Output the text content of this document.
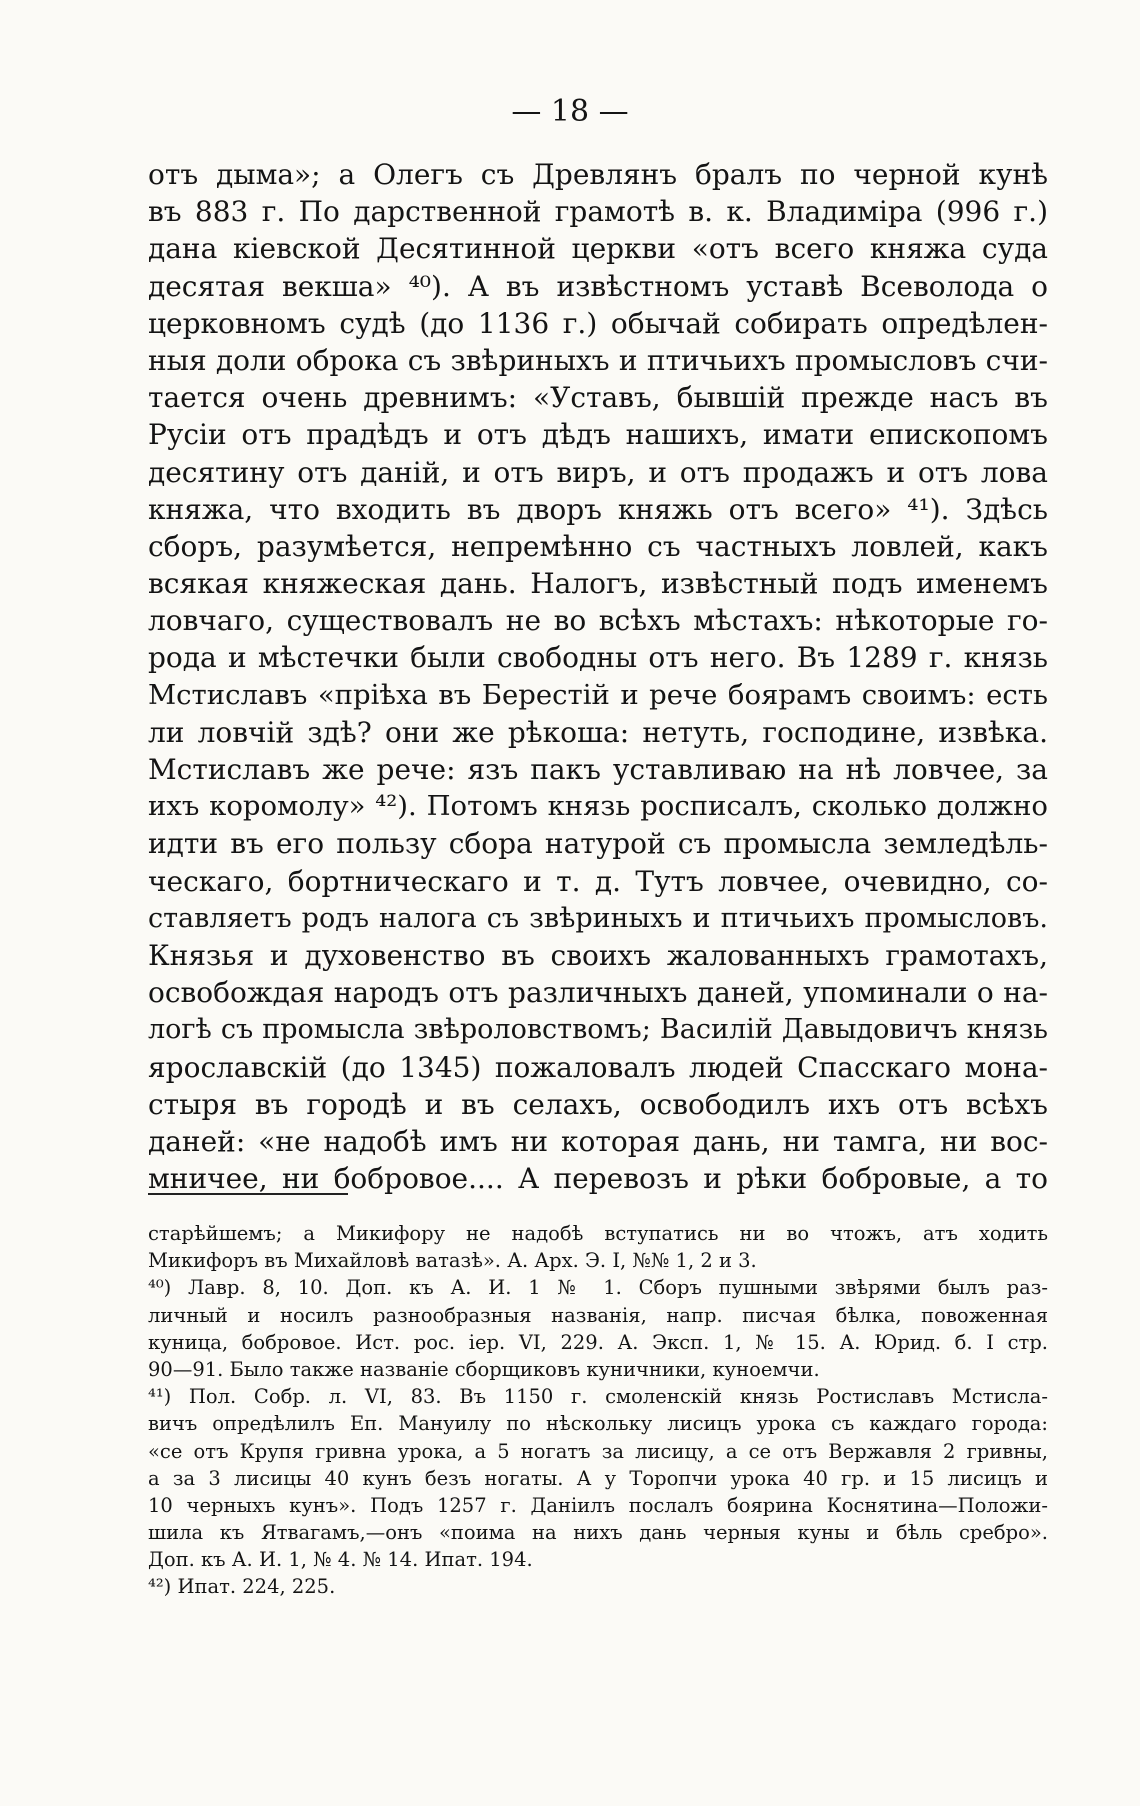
— 18 —
отъ дыма»; а Олегъ съ Древлянъ бралъ по черной кунѣ
въ 883 г. По дарственной грамотѣ в. к. Владиміра (996 г.)
дана кіевской Десятинной церкви «отъ всего княжа суда
десятая векша» ⁴⁰). А въ извѣстномъ уставѣ Всеволода о
церковномъ судѣ (до 1136 г.) обычай собирать опредѣлен-
ныя доли оброка съ звѣриныхъ и птичьихъ промысловъ счи-
тается очень древнимъ: «Уставъ, бывшій прежде насъ въ
Русіи отъ прадѣдъ и отъ дѣдъ нашихъ, имати епископомъ
десятину отъ даній, и отъ виръ, и отъ продажъ и отъ лова
княжа, что входить въ дворъ княжь отъ всего» ⁴¹). Здѣсь
сборъ, разумѣется, непремѣнно съ частныхъ ловлей, какъ
всякая княжеская дань. Налогъ, извѣстный подъ именемъ
ловчаго, существовалъ не во всѣхъ мѣстахъ: нѣкоторые го-
рода и мѣстечки были свободны отъ него. Въ 1289 г. князь
Мстиславъ «пріѣха въ Берестій и рече боярамъ своимъ: есть
ли ловчій здѣ? они же рѣкоша: нетуть, господине, извѣка.
Мстиславъ же рече: язъ пакъ уставливаю на нѣ ловчее, за
ихъ коромолу» ⁴²). Потомъ князь росписалъ, сколько должно
идти въ его пользу сбора натурой съ промысла земледѣль-
ческаго, бортническаго и т. д. Тутъ ловчее, очевидно, со-
ставляетъ родъ налога съ звѣриныхъ и птичьихъ промысловъ.
Князья и духовенство въ своихъ жалованныхъ грамотахъ,
освобождая народъ отъ различныхъ даней, упоминали о на-
логѣ съ промысла звѣроловствомъ; Василій Давыдовичъ князь
ярославскій (до 1345) пожаловалъ людей Спасскаго мона-
стыря въ городѣ и въ селахъ, освободилъ ихъ отъ всѣхъ
даней: «не надобѣ имъ ни которая дань, ни тамга, ни вос-
мничее, ни бобровое.... А перевозъ и рѣки бобровые, а то
старѣйшемъ; а Микифору не надобѣ вступатись ни во чтожъ, атъ ходить
Микифоръ въ Михайловѣ ватазѣ». А. Арх. Э. I, №№ 1, 2 и 3.
⁴⁰) Лавр. 8, 10. Доп. къ А. И. 1 № 1. Сборъ пушными звѣрями былъ раз-
личный и носилъ разнообразныя названія, напр. писчая бѣлка, повоженная
куница, бобровое. Ист. рос. іер. VI, 229. А. Эксп. 1, № 15. А. Юрид. б. I стр.
90—91. Было также названіе сборщиковъ куничники, куноемчи.
⁴¹) Пол. Собр. л. VI, 83. Въ 1150 г. смоленскій князь Ростиславъ Мстисла-
вичъ опредѣлилъ Еп. Мануилу по нѣскольку лисицъ урока съ каждаго города:
«се отъ Крупя гривна урока, а 5 ногатъ за лисицу, а се отъ Вержавля 2 гривны,
а за 3 лисицы 40 кунъ безъ ногаты. А у Торопчи урока 40 гр. и 15 лисицъ и
10 черныхъ кунъ». Подъ 1257 г. Даніилъ послалъ боярина Коснятина—Положи-
шила къ Ятвагамъ,—онъ «поима на нихъ дань черныя куны и бѣль сребро».
Доп. къ А. И. 1, № 4. № 14. Ипат. 194.
⁴²) Ипат. 224, 225.
